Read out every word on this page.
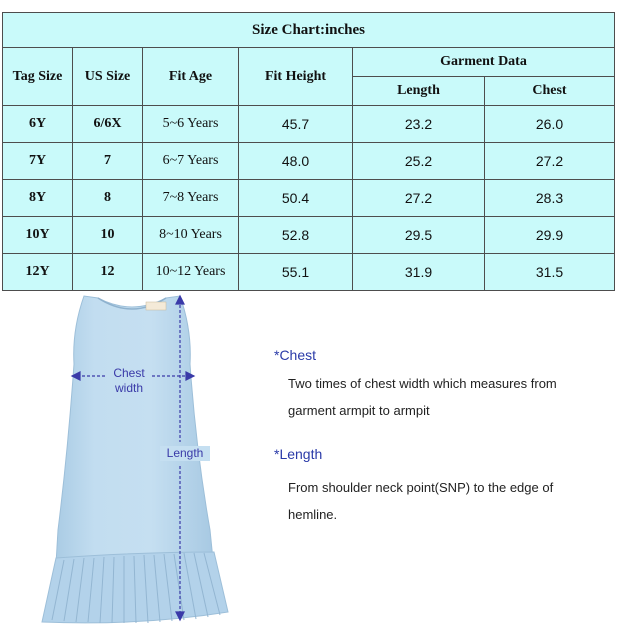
Size Chart:inches					
Tag Size	US Size	Fit Age	Fit Height	Garment Data	
				Length	Chest
6Y	6/6X	5~6 Years	45.7	23.2	26.0
7Y	7	6~7 Years	48.0	25.2	27.2
8Y	8	7~8 Years	50.4	27.2	28.3
10Y	10	8~10 Years	52.8	29.5	29.9
12Y	12	10~12 Years	55.1	31.9	31.5
Chest width
Length
*Chest
Two times of chest width which measures from garment armpit to armpit
*Length
From shoulder neck point(SNP) to the edge of hemline.
